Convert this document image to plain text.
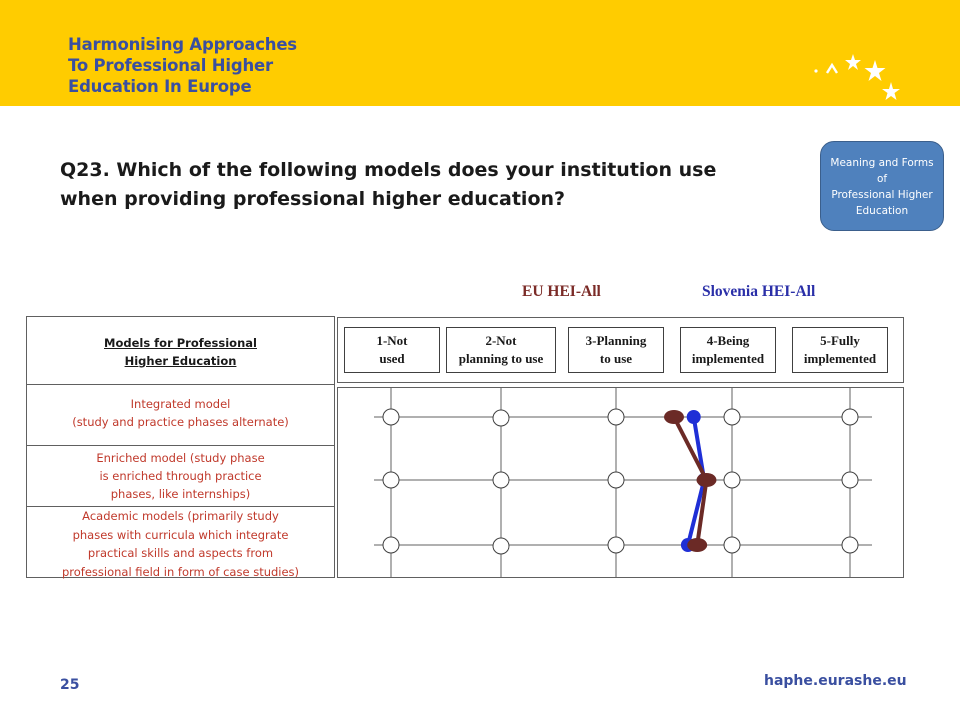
Harmonising Approaches
To Professional Higher
Education In Europe
Meaning and Forms
of
Professional Higher
Education
Q23. Which of the following models does your institution use
when providing professional higher education?
EU HEI-All	Slovenia HEI-All
Models for Professional
Higher Education
Integrated model
(study and practice phases alternate)
Enriched model (study phase
is enriched through practice
phases, like internships)
Academic models (primarily study
phases with curricula which integrate
practical skills and aspects from
professional field in form of case studies)
1-Not
used
2-Not
planning to use
3-Planning
to use
4-Being
implemented
5-Fully
implemented
25	haphe.eurashe.eu
